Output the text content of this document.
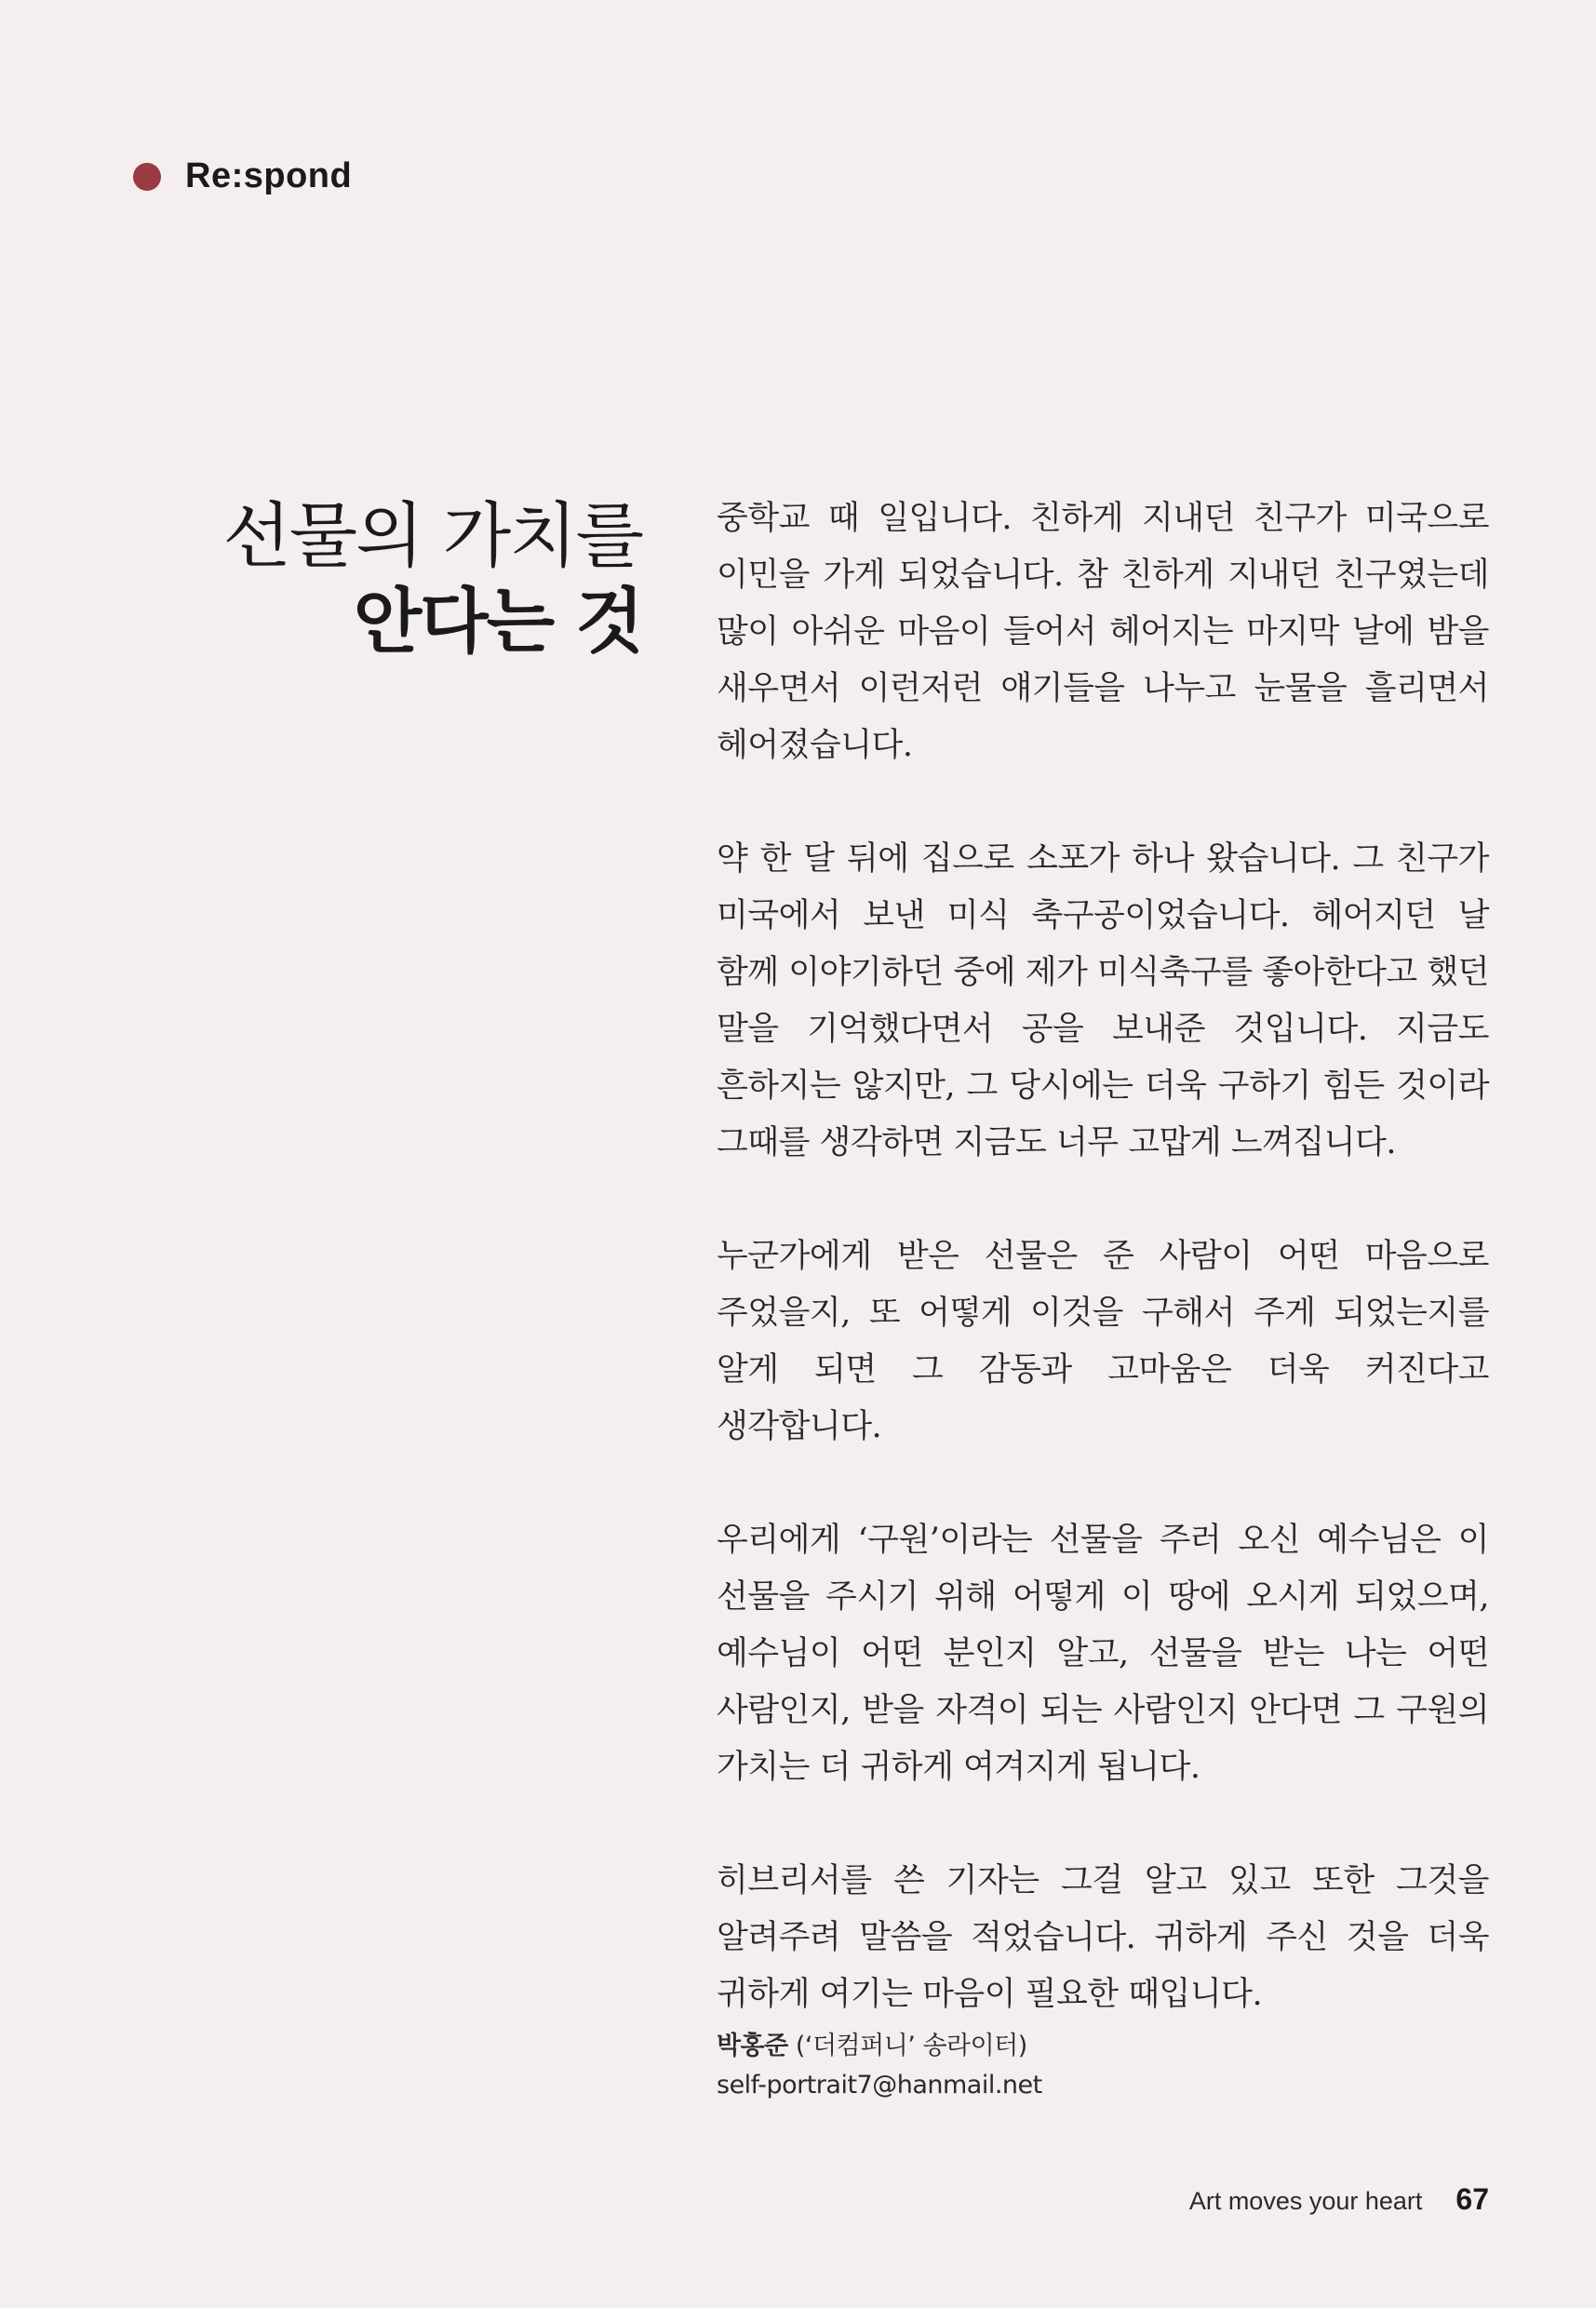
Re:spond
선물의 가치를
안다는 것

중학교 때 일입니다. 친하게 지내던 친구가 미국으로 이민을 가게 되었습니다. 참 친하게 지내던 친구였는데 많이 아쉬운 마음이 들어서 헤어지는 마지막 날에 밤을 새우면서 이런저런 얘기들을 나누고 눈물을 흘리면서 헤어졌습니다.

약 한 달 뒤에 집으로 소포가 하나 왔습니다. 그 친구가 미국에서 보낸 미식 축구공이었습니다. 헤어지던 날 함께 이야기하던 중에 제가 미식축구를 좋아한다고 했던 말을 기억했다면서 공을 보내준 것입니다. 지금도 흔하지는 않지만, 그 당시에는 더욱 구하기 힘든 것이라 그때를 생각하면 지금도 너무 고맙게 느껴집니다.

누군가에게 받은 선물은 준 사람이 어떤 마음으로 주었을지, 또 어떻게 이것을 구해서 주게 되었는지를 알게 되면 그 감동과 고마움은 더욱 커진다고 생각합니다.

우리에게 ‘구원’이라는 선물을 주러 오신 예수님은 이 선물을 주시기 위해 어떻게 이 땅에 오시게 되었으며, 예수님이 어떤 분인지 알고, 선물을 받는 나는 어떤 사람인지, 받을 자격이 되는 사람인지 안다면 그 구원의 가치는 더 귀하게 여겨지게 됩니다.

히브리서를 쓴 기자는 그걸 알고 있고 또한 그것을 알려주려 말씀을 적었습니다. 귀하게 주신 것을 더욱 귀하게 여기는 마음이 필요한 때입니다.

박홍준 (‘더컴퍼니’ 송라이터)
self-portrait7@hanmail.net
Art moves your heart 67
